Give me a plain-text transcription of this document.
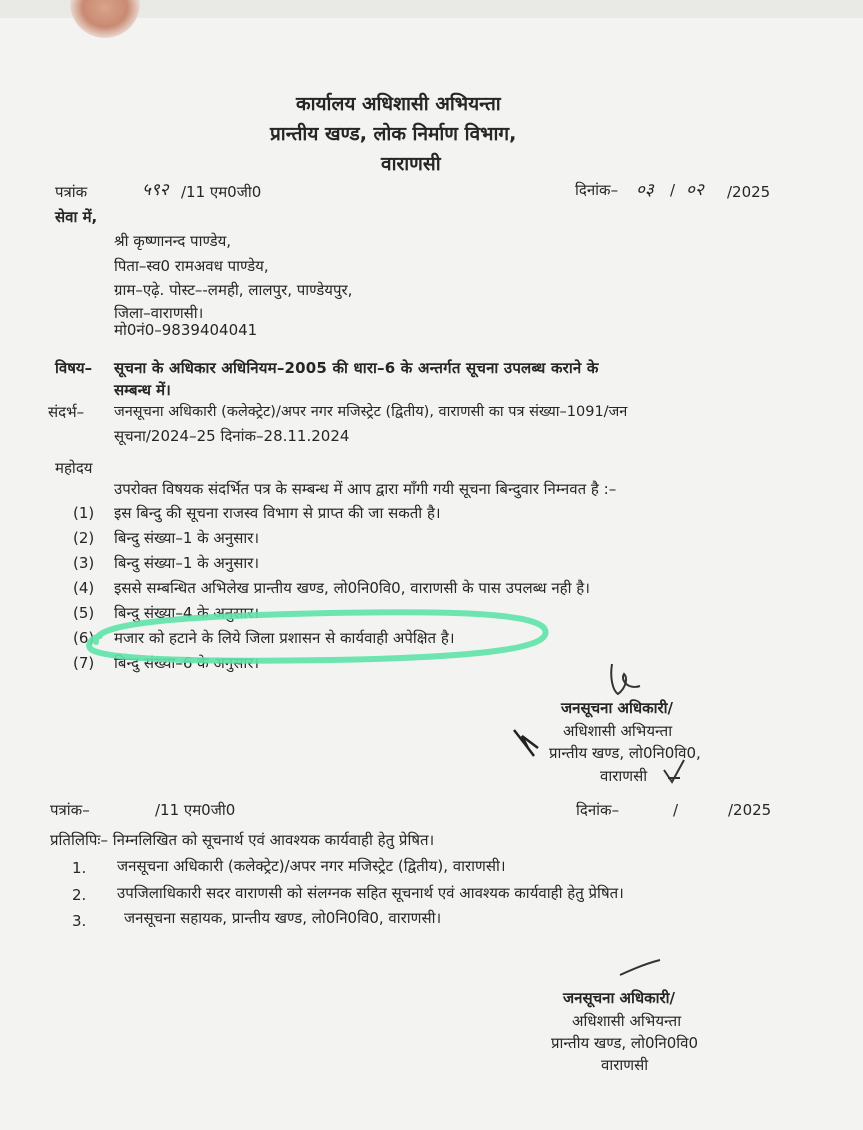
कार्यालय अधिशासी अभियन्ता
प्रान्तीय खण्ड, लोक निर्माण विभाग,
वाराणसी
पत्रांक	५९२ /11 एम0जी0	दिनांक– ०३ / ०२ /2025
सेवा में,
श्री कृष्णानन्द पाण्डेय,
पिता–स्व0 रामअवध पाण्डेय,
ग्राम–एढ़े. पोस्ट–-लमही, लालपुर, पाण्डेयपुर,
जिला–वाराणसी।
मो0नं0–9839404041
विषय– सूचना के अधिकार अधिनियम–2005 की धारा–6 के अन्तर्गत सूचना उपलब्ध कराने के
सम्बन्ध में।
संदर्भ– जनसूचना अधिकारी (कलेक्ट्रेट)/अपर नगर मजिस्ट्रेट (द्वितीय), वाराणसी का पत्र संख्या–1091/जन
सूचना/2024–25 दिनांक–28.11.2024
महोदय
उपरोक्त विषयक संदर्भित पत्र के सम्बन्ध में आप द्वारा माँगी गयी सूचना बिन्दुवार निम्नवत है :–
(1) इस बिन्दु की सूचना राजस्व विभाग से प्राप्त की जा सकती है।
(2) बिन्दु संख्या–1 के अनुसार।
(3) बिन्दु संख्या–1 के अनुसार।
(4) इससे सम्बन्धित अभिलेख प्रान्तीय खण्ड, लो0नि0वि0, वाराणसी के पास उपलब्ध नही है।
(5) बिन्दु संख्या–4 के अनुसार।
(6) मजार को हटाने के लिये जिला प्रशासन से कार्यवाही अपेक्षित है।
(7) बिन्दु संख्या–6 के अनुसार।
जनसूचना अधिकारी/
अधिशासी अभियन्ता
प्रान्तीय खण्ड, लो0नि0वि0,
वाराणसी
पत्रांक–	/11 एम0जी0	दिनांक–	/	/2025
प्रतिलिपिः– निम्नलिखित को सूचनार्थ एवं आवश्यक कार्यवाही हेतु प्रेषित।
1. जनसूचना अधिकारी (कलेक्ट्रेट)/अपर नगर मजिस्ट्रेट (द्वितीय), वाराणसी।
2. उपजिलाधिकारी सदर वाराणसी को संलग्नक सहित सूचनार्थ एवं आवश्यक कार्यवाही हेतु प्रेषित।
3.	जनसूचना सहायक, प्रान्तीय खण्ड, लो0नि0वि0, वाराणसी।
जनसूचना अधिकारी/
अधिशासी अभियन्ता
प्रान्तीय खण्ड, लो0नि0वि0
वाराणसी
